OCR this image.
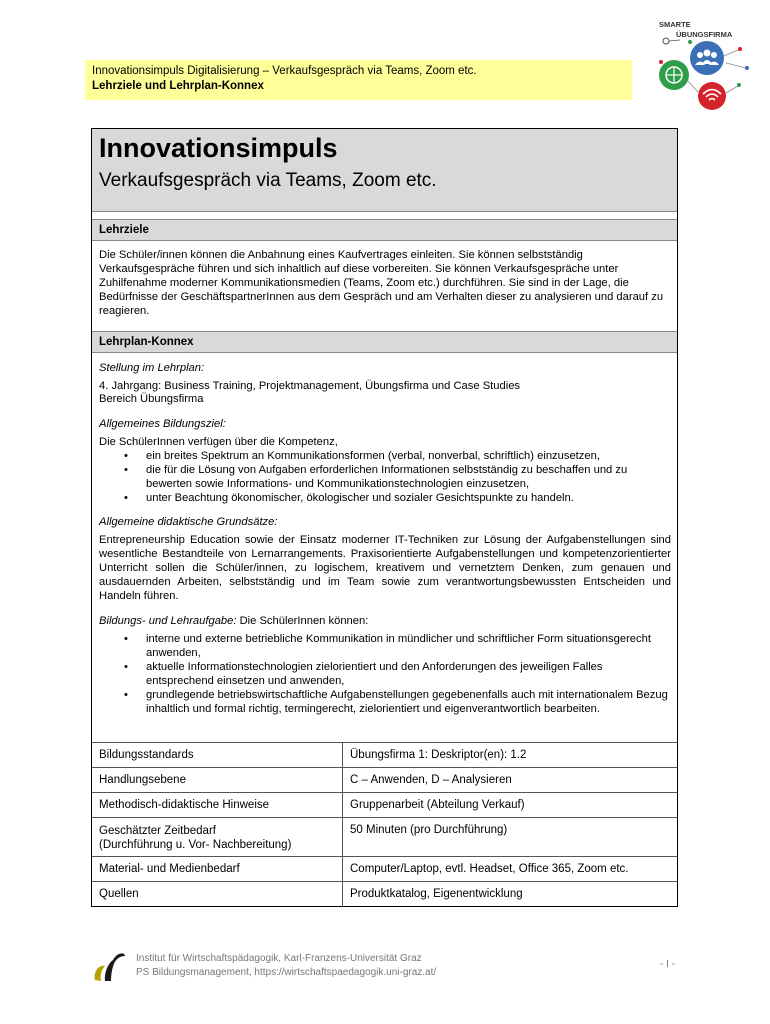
Innovationsimpuls Digitalisierung – Verkaufsgespräch via Teams, Zoom etc.
Lehrziele und Lehrplan-Konnex
SMARTE
ÜBUNGSFIRMA
Innovationsimpuls
Verkaufsgespräch via Teams, Zoom etc.
Lehrziele
Die Schüler/innen können die Anbahnung eines Kaufvertrages einleiten. Sie können selbstständig Verkaufsgespräche führen und sich inhaltlich auf diese vorbereiten. Sie können Verkaufsgespräche unter Zuhilfenahme moderner Kommunikationsmedien (Teams, Zoom etc.) durchführen. Sie sind in der Lage, die Bedürfnisse der GeschäftspartnerInnen aus dem Gespräch und am Verhalten dieser zu analysieren und darauf zu reagieren.
Lehrplan-Konnex
Stellung im Lehrplan:
4. Jahrgang: Business Training, Projektmanagement, Übungsfirma und Case Studies
Bereich Übungsfirma
Allgemeines Bildungsziel:
Die SchülerInnen verfügen über die Kompetenz,
• ein breites Spektrum an Kommunikationsformen (verbal, nonverbal, schriftlich) einzusetzen,
• die für die Lösung von Aufgaben erforderlichen Informationen selbstständig zu beschaffen und zu bewerten sowie Informations- und Kommunikationstechnologien einzusetzen,
• unter Beachtung ökonomischer, ökologischer und sozialer Gesichtspunkte zu handeln.
Allgemeine didaktische Grundsätze:
Entrepreneurship Education sowie der Einsatz moderner IT-Techniken zur Lösung der Aufgabenstellungen sind wesentliche Bestandteile von Lernarrangements. Praxisorientierte Aufgabenstellungen und kompetenzorientierter Unterricht sollen die Schüler/innen, zu logischem, kreativem und vernetztem Denken, zum genauen und ausdauernden Arbeiten, selbstständig und im Team sowie zum verantwortungsbewussten Entscheiden und Handeln führen.
Bildungs- und Lehraufgabe: Die SchülerInnen können:
• interne und externe betriebliche Kommunikation in mündlicher und schriftlicher Form situationsgerecht anwenden,
• aktuelle Informationstechnologien zielorientiert und den Anforderungen des jeweiligen Falles entsprechend einsetzen und anwenden,
• grundlegende betriebswirtschaftliche Aufgabenstellungen gegebenenfalls auch mit internationalem Bezug inhaltlich und formal richtig, termingerecht, zielorientiert und eigenverantwortlich bearbeiten.
Bildungsstandards	Übungsfirma 1: Deskriptor(en): 1.2
Handlungsebene	C – Anwenden, D – Analysieren
Methodisch-didaktische Hinweise	Gruppenarbeit (Abteilung Verkauf)

Geschätzter Zeitbedarf
(Durchführung u. Vor- Nachbereitung)	50 Minuten (pro Durchführung)
Material- und Medienbedarf	Computer/Laptop, evtl. Headset, Office 365, Zoom etc.
Quellen	Produktkatalog, Eigenentwicklung
Institut für Wirtschaftspädagogik, Karl-Franzens-Universität Graz
PS Bildungsmanagement, https://wirtschaftspaedagogik.uni-graz.at/
- I -
